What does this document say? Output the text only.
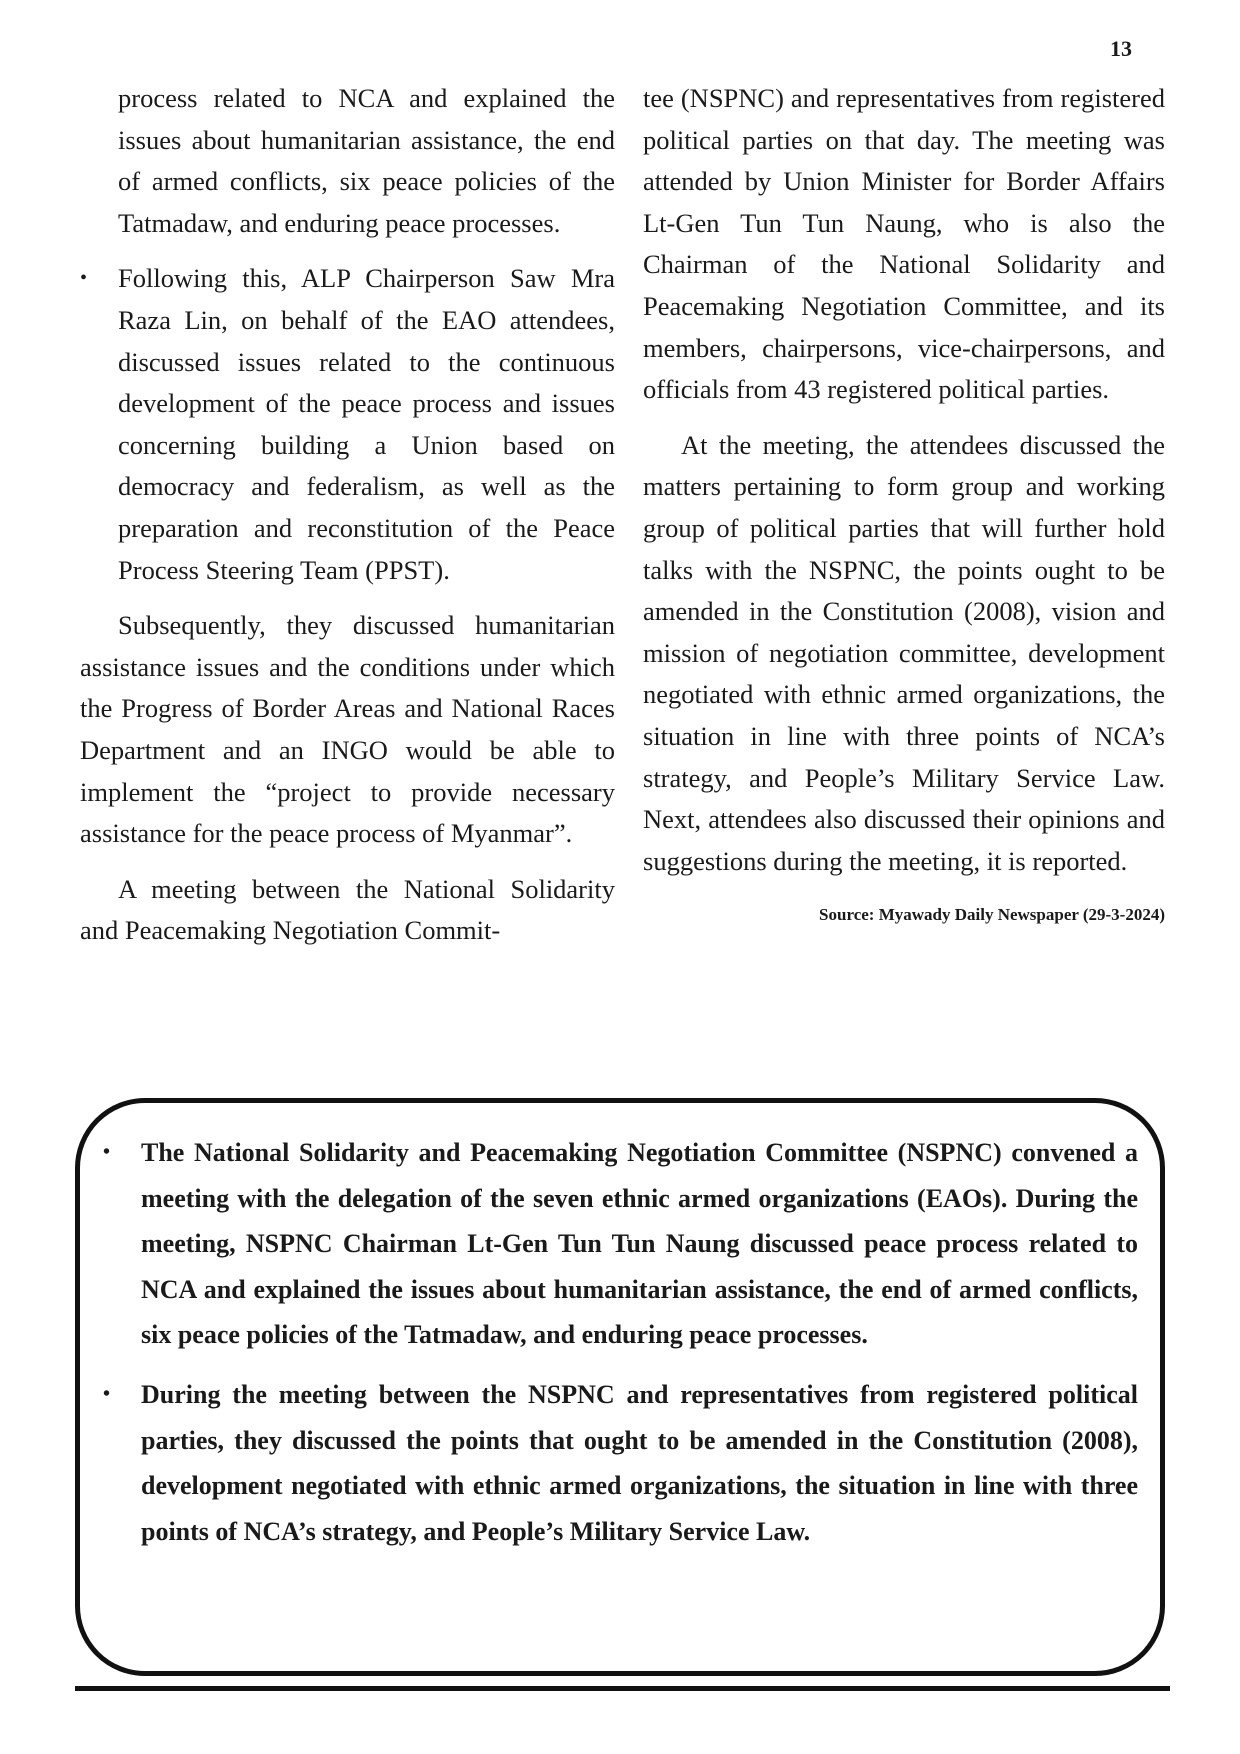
13

process related to NCA and explained the issues about humanitarian assistance, the end of armed conflicts, six peace policies of the Tatmadaw, and enduring peace processes.

• Following this, ALP Chairperson Saw Mra Raza Lin, on behalf of the EAO attendees, discussed issues related to the continuous development of the peace process and issues concerning building a Union based on democracy and federalism, as well as the preparation and reconstitution of the Peace Process Steering Team (PPST).

Subsequently, they discussed humanitarian assistance issues and the conditions under which the Progress of Border Areas and National Races Department and an INGO would be able to implement the “project to provide necessary assistance for the peace process of Myanmar”.

A meeting between the National Solidarity and Peacemaking Negotiation Commit-

tee (NSPNC) and representatives from registered political parties on that day. The meeting was attended by Union Minister for Border Affairs Lt-Gen Tun Tun Naung, who is also the Chairman of the National Solidarity and Peacemaking Negotiation Committee, and its members, chairpersons, vice-chairpersons, and officials from 43 registered political parties.

At the meeting, the attendees discussed the matters pertaining to form group and working group of political parties that will further hold talks with the NSPNC, the points ought to be amended in the Constitution (2008), vision and mission of negotiation committee, development negotiated with ethnic armed organizations, the situation in line with three points of NCA’s strategy, and People’s Military Service Law. Next, attendees also discussed their opinions and suggestions during the meeting, it is reported.

Source: Myawady Daily Newspaper (29-3-2024)

• The National Solidarity and Peacemaking Negotiation Committee (NSPNC) convened a meeting with the delegation of the seven ethnic armed organizations (EAOs). During the meeting, NSPNC Chairman Lt-Gen Tun Tun Naung discussed peace process related to NCA and explained the issues about humanitarian assistance, the end of armed conflicts, six peace policies of the Tatmadaw, and enduring peace processes.
• During the meeting between the NSPNC and representatives from registered political parties, they discussed the points that ought to be amended in the Constitution (2008), development negotiated with ethnic armed organizations, the situation in line with three points of NCA’s strategy, and People’s Military Service Law.
